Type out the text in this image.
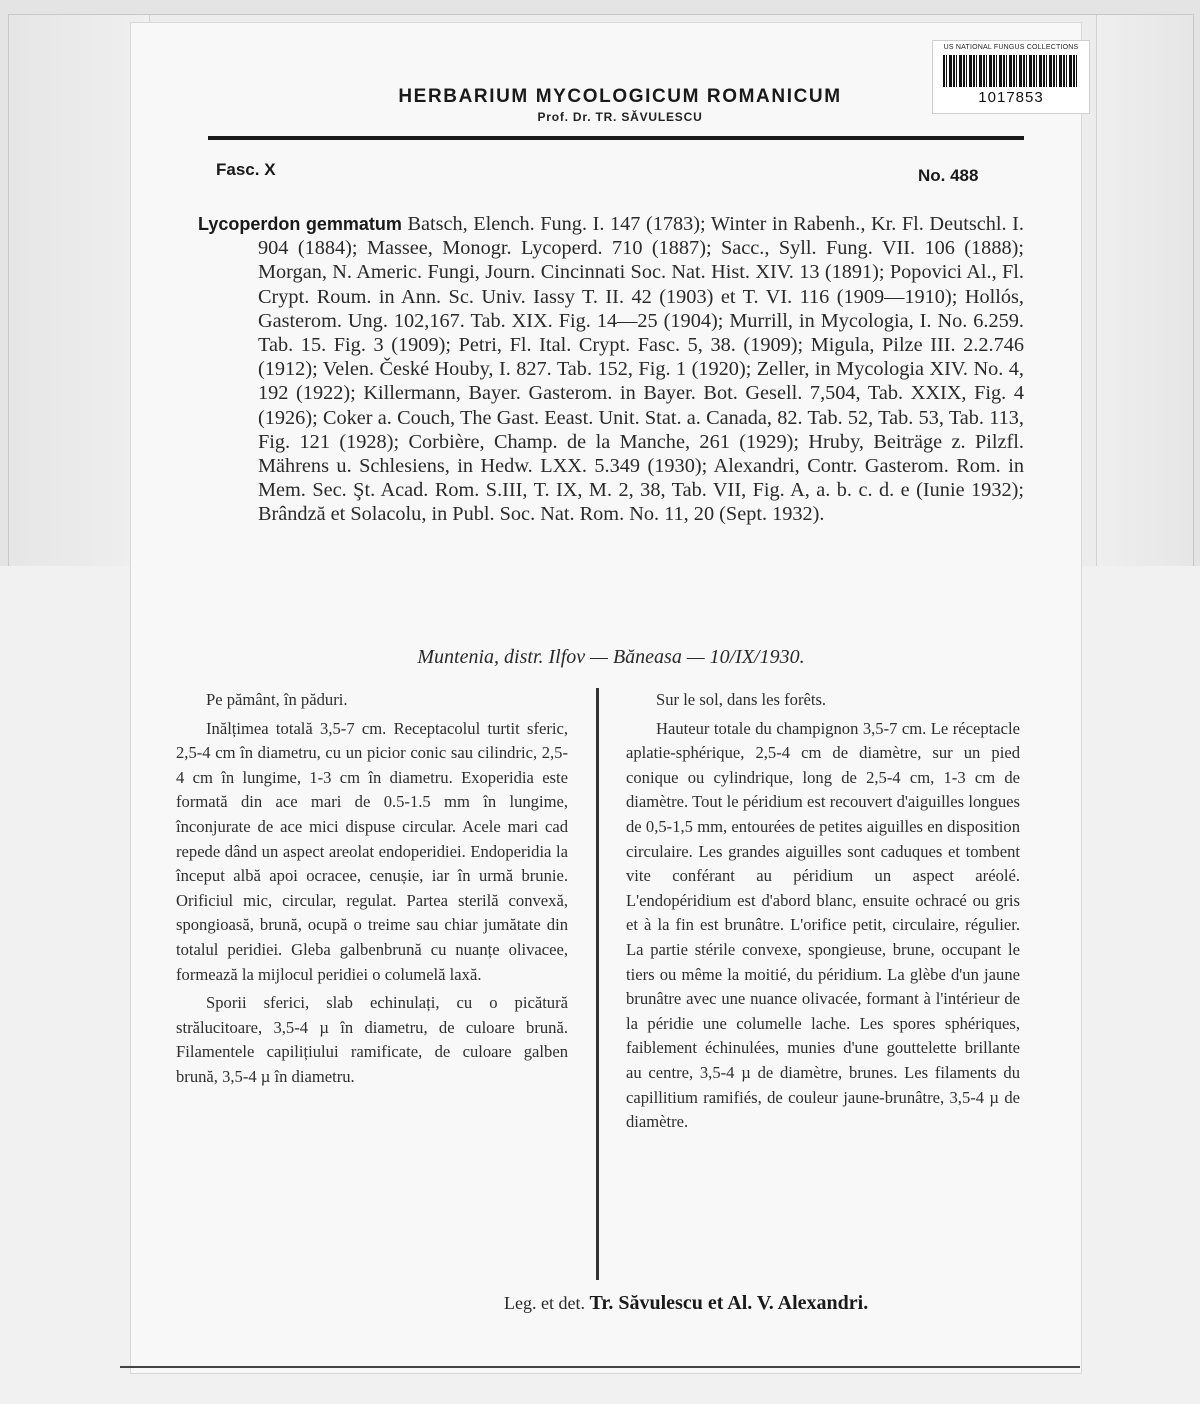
US NATIONAL FUNGUS COLLECTIONS
1017853
HERBARIUM MYCOLOGICUM ROMANICUM
Prof. Dr. TR. SĂVULESCU
Fasc. X	No. 488
Lycoperdon gemmatum Batsch, Elench. Fung. I. 147 (1783); Winter in Rabenh., Kr. Fl. Deutschl. I. 904 (1884); Massee, Monogr. Lycoperd. 710 (1887); Sacc., Syll. Fung. VII. 106 (1888); Morgan, N. Americ. Fungi, Journ. Cincinnati Soc. Nat. Hist. XIV. 13 (1891); Popovici Al., Fl. Crypt. Roum. in Ann. Sc. Univ. Iassy T. II. 42 (1903) et T. VI. 116 (1909—1910); Hollós, Gasterom. Ung. 102,167. Tab. XIX. Fig. 14—25 (1904); Murrill, in Mycologia, I. No. 6.259. Tab. 15. Fig. 3 (1909); Petri, Fl. Ital. Crypt. Fasc. 5, 38. (1909); Migula, Pilze III. 2.2.746 (1912); Velen. České Houby, I. 827. Tab. 152, Fig. 1 (1920); Zeller, in Mycologia XIV. No. 4, 192 (1922); Killermann, Bayer. Gasterom. in Bayer. Bot. Gesell. 7,504, Tab. XXIX, Fig. 4 (1926); Coker a. Couch, The Gast. Eeast. Unit. Stat. a. Canada, 82. Tab. 52, Tab. 53, Tab. 113, Fig. 121 (1928); Corbière, Champ. de la Manche, 261 (1929); Hruby, Beiträge z. Pilzfl. Mährens u. Schlesiens, in Hedw. LXX. 5.349 (1930); Alexandri, Contr. Gasterom. Rom. in Mem. Sec. Şt. Acad. Rom. S.III, T. IX, M. 2, 38, Tab. VII, Fig. A, a. b. c. d. e (Iunie 1932); Brândză et Solacolu, in Publ. Soc. Nat. Rom. No. 11, 20 (Sept. 1932).
Muntenia, distr. Ilfov — Băneasa — 10/IX/1930.

Pe pământ, în păduri.

Inălțimea totală 3,5-7 cm. Receptacolul turtit sferic, 2,5-4 cm în diametru, cu un picior conic sau cilindric, 2,5-4 cm în lungime, 1-3 cm în diametru. Exoperidia este formată din ace mari de 0.5-1.5 mm în lungime, înconjurate de ace mici dispuse circular. Acele mari cad repede dând un aspect areolat endoperidiei. Endoperidia la început albă apoi ocracee, cenușie, iar în urmă brunie. Orificiul mic, circular, regulat. Partea sterilă convexă, spongioasă, brună, ocupă o treime sau chiar jumătate din totalul peridiei. Gleba galbenbrună cu nuanțe olivacee, formează la mijlocul peridiei o columelă laxă.

Sporii sferici, slab echinulați, cu o picătură strălucitoare, 3,5-4 µ în diametru, de culoare brună. Filamentele capilițiului ramificate, de culoare galben brună, 3,5-4 µ în diametru.

Sur le sol, dans les forêts.

Hauteur totale du champignon 3,5-7 cm. Le réceptacle aplatie-sphérique, 2,5-4 cm de diamètre, sur un pied conique ou cylindrique, long de 2,5-4 cm, 1-3 cm de diamètre. Tout le péridium est recouvert d'aiguilles longues de 0,5-1,5 mm, entourées de petites aiguilles en disposition circulaire. Les grandes aiguilles sont caduques et tombent vite conférant au péridium un aspect aréolé. L'endopéridium est d'abord blanc, ensuite ochracé ou gris et à la fin est brunâtre. L'orifice petit, circulaire, régulier. La partie stérile convexe, spongieuse, brune, occupant le tiers ou même la moitié, du péridium. La glèbe d'un jaune brunâtre avec une nuance olivacée, formant à l'intérieur de la péridie une columelle lache. Les spores sphériques, faiblement échinulées, munies d'une gouttelette brillante au centre, 3,5-4 µ de diamètre, brunes. Les filaments du capillitium ramifiés, de couleur jaune-brunâtre, 3,5-4 µ de diamètre.

Leg. et det. Tr. Săvulescu et Al. V. Alexandri.
